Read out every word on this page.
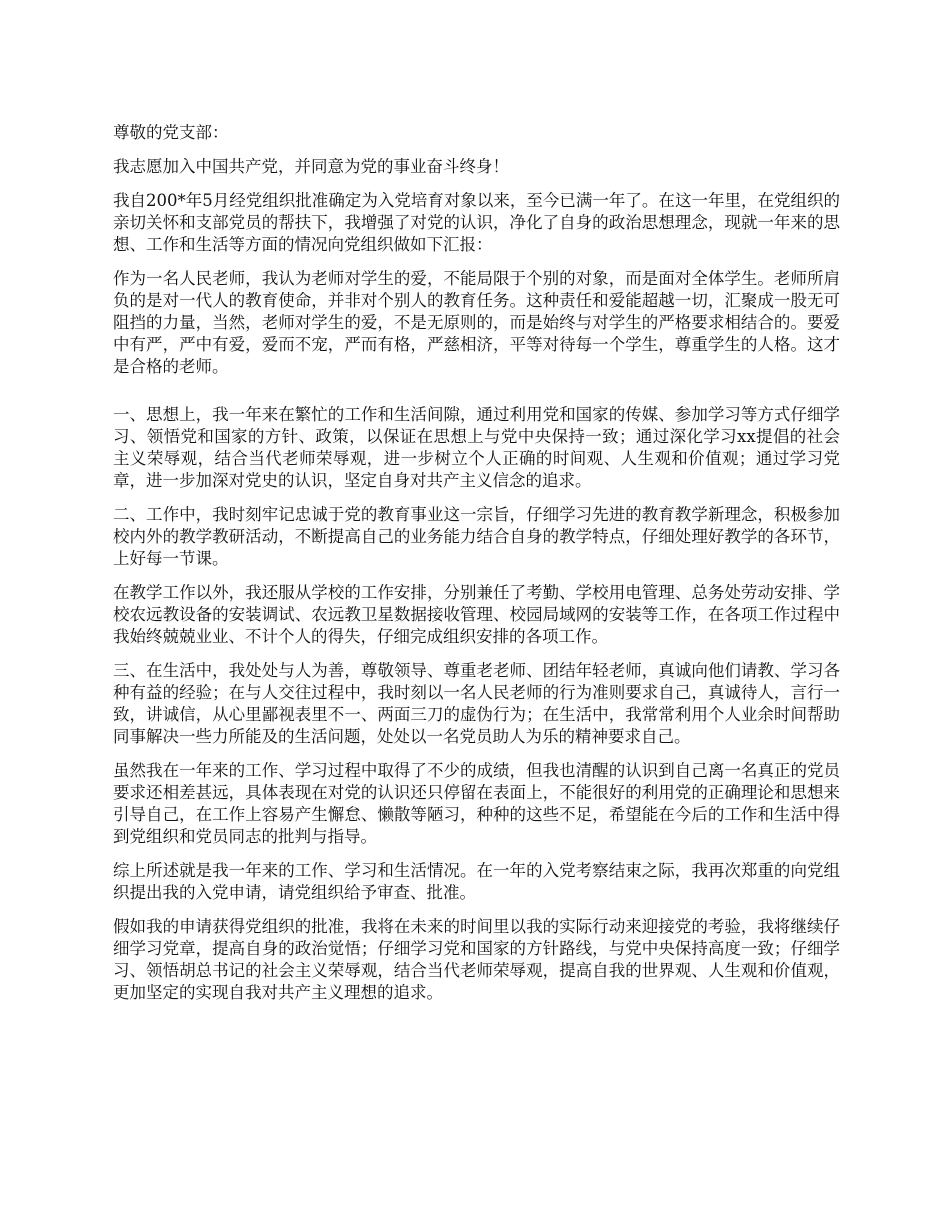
尊敬的党支部：

我志愿加入中国共产党，并同意为党的事业奋斗终身！

我自200*年5月经党组织批准确定为入党培育对象以来，至今已满一年了。在这一年里，在党组织的亲切关怀和支部党员的帮扶下，我增强了对党的认识，净化了自身的政治思想理念，现就一年来的思想、工作和生活等方面的情况向党组织做如下汇报：

作为一名人民老师，我认为老师对学生的爱，不能局限于个别的对象，而是面对全体学生。老师所肩负的是对一代人的教育使命，并非对个别人的教育任务。这种责任和爱能超越一切，汇聚成一股无可阻挡的力量，当然，老师对学生的爱，不是无原则的，而是始终与对学生的严格要求相结合的。要爱中有严，严中有爱，爱而不宠，严而有格，严慈相济，平等对待每一个学生，尊重学生的人格。这才是合格的老师。

一、思想上，我一年来在繁忙的工作和生活间隙，通过利用党和国家的传媒、参加学习等方式仔细学习、领悟党和国家的方针、政策，以保证在思想上与党中央保持一致；通过深化学习xx提倡的社会主义荣辱观，结合当代老师荣辱观，进一步树立个人正确的时间观、人生观和价值观；通过学习党章，进一步加深对党史的认识，坚定自身对共产主义信念的追求。

二、工作中，我时刻牢记忠诚于党的教育事业这一宗旨，仔细学习先进的教育教学新理念，积极参加校内外的教学教研活动，不断提高自己的业务能力结合自身的教学特点，仔细处理好教学的各环节，上好每一节课。

在教学工作以外，我还服从学校的工作安排，分别兼任了考勤、学校用电管理、总务处劳动安排、学校农远教设备的安装调试、农远教卫星数据接收管理、校园局域网的安装等工作，在各项工作过程中我始终兢兢业业、不计个人的得失，仔细完成组织安排的各项工作。

三、在生活中，我处处与人为善，尊敬领导、尊重老老师、团结年轻老师，真诚向他们请教、学习各种有益的经验；在与人交往过程中，我时刻以一名人民老师的行为准则要求自己，真诚待人，言行一致，讲诚信，从心里鄙视表里不一、两面三刀的虚伪行为；在生活中，我常常利用个人业余时间帮助同事解决一些力所能及的生活问题，处处以一名党员助人为乐的精神要求自己。

虽然我在一年来的工作、学习过程中取得了不少的成绩，但我也清醒的认识到自己离一名真正的党员要求还相差甚远，具体表现在对党的认识还只停留在表面上，不能很好的利用党的正确理论和思想来引导自己，在工作上容易产生懈怠、懒散等陋习，种种的这些不足，希望能在今后的工作和生活中得到党组织和党员同志的批判与指导。

综上所述就是我一年来的工作、学习和生活情况。在一年的入党考察结束之际，我再次郑重的向党组织提出我的入党申请，请党组织给予审查、批准。

假如我的申请获得党组织的批准，我将在未来的时间里以我的实际行动来迎接党的考验，我将继续仔细学习党章，提高自身的政治觉悟；仔细学习党和国家的方针路线，与党中央保持高度一致；仔细学习、领悟胡总书记的社会主义荣辱观，结合当代老师荣辱观，提高自我的世界观、人生观和价值观，更加坚定的实现自我对共产主义理想的追求。
